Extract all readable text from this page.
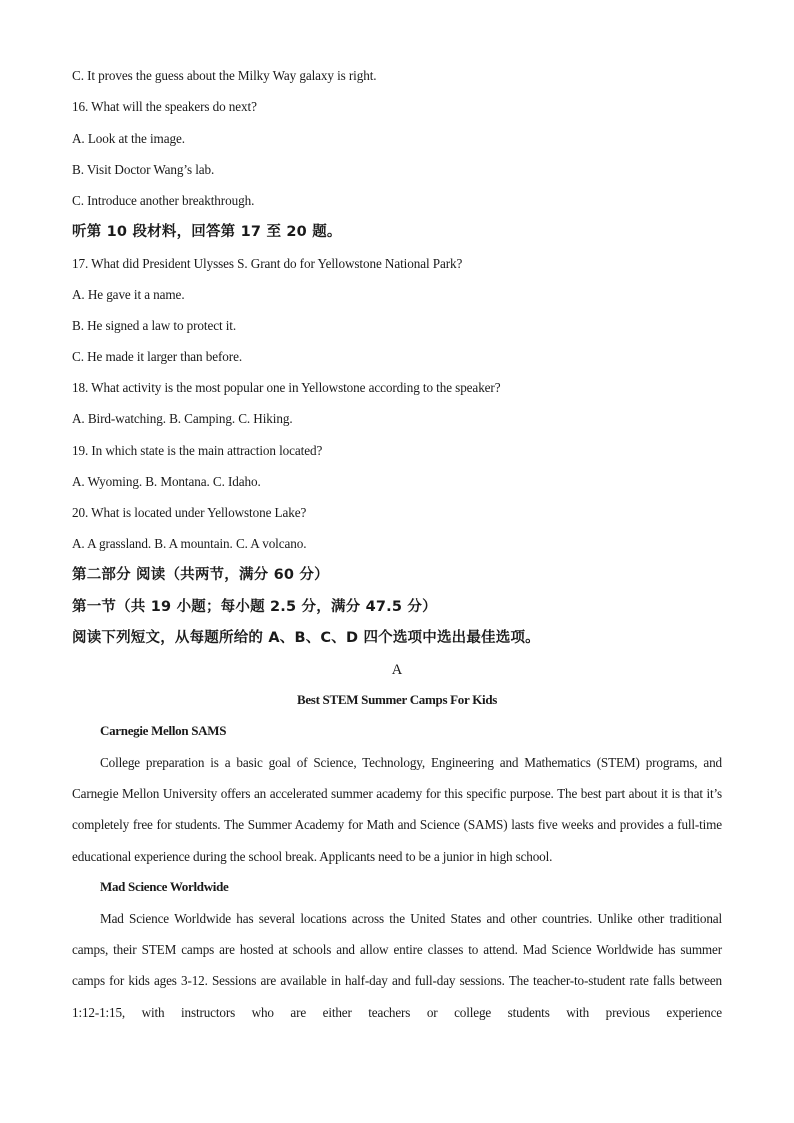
C. It proves the guess about the Milky Way galaxy is right.
16. What will the speakers do next?
A. Look at the image.
B. Visit Doctor Wang’s lab.
C. Introduce another breakthrough.
听第 10 段材料，回答第 17 至 20 题。
17. What did President Ulysses S. Grant do for Yellowstone National Park?
A. He gave it a name.
B. He signed a law to protect it.
C. He made it larger than before.
18. What activity is the most popular one in Yellowstone according to the speaker?
A. Bird-watching. B. Camping. C. Hiking.
19. In which state is the main attraction located?
A. Wyoming. B. Montana. C. Idaho.
20. What is located under Yellowstone Lake?
A. A grassland. B. A mountain. C. A volcano.
第二部分 阅读（共两节，满分 60 分）
第一节（共 19 小题；每小题 2.5 分，满分 47.5 分）
阅读下列短文，从每题所给的 A、B、C、D 四个选项中选出最佳选项。
A
Best STEM Summer Camps For Kids
Carnegie Mellon SAMS

College preparation is a basic goal of Science, Technology, Engineering and Mathematics (STEM) programs, and Carnegie Mellon University offers an accelerated summer academy for this specific purpose. The best part about it is that it’s completely free for students. The Summer Academy for Math and Science (SAMS) lasts five weeks and provides a full-time educational experience during the school break. Applicants need to be a junior in high school.

Mad Science Worldwide

Mad Science Worldwide has several locations across the United States and other countries. Unlike other traditional camps, their STEM camps are hosted at schools and allow entire classes to attend. Mad Science Worldwide has summer camps for kids ages 3-12. Sessions are available in half-day and full-day sessions. The teacher-to-student rate falls between 1:12-1:15, with instructors who are either teachers or college students with previous experience
